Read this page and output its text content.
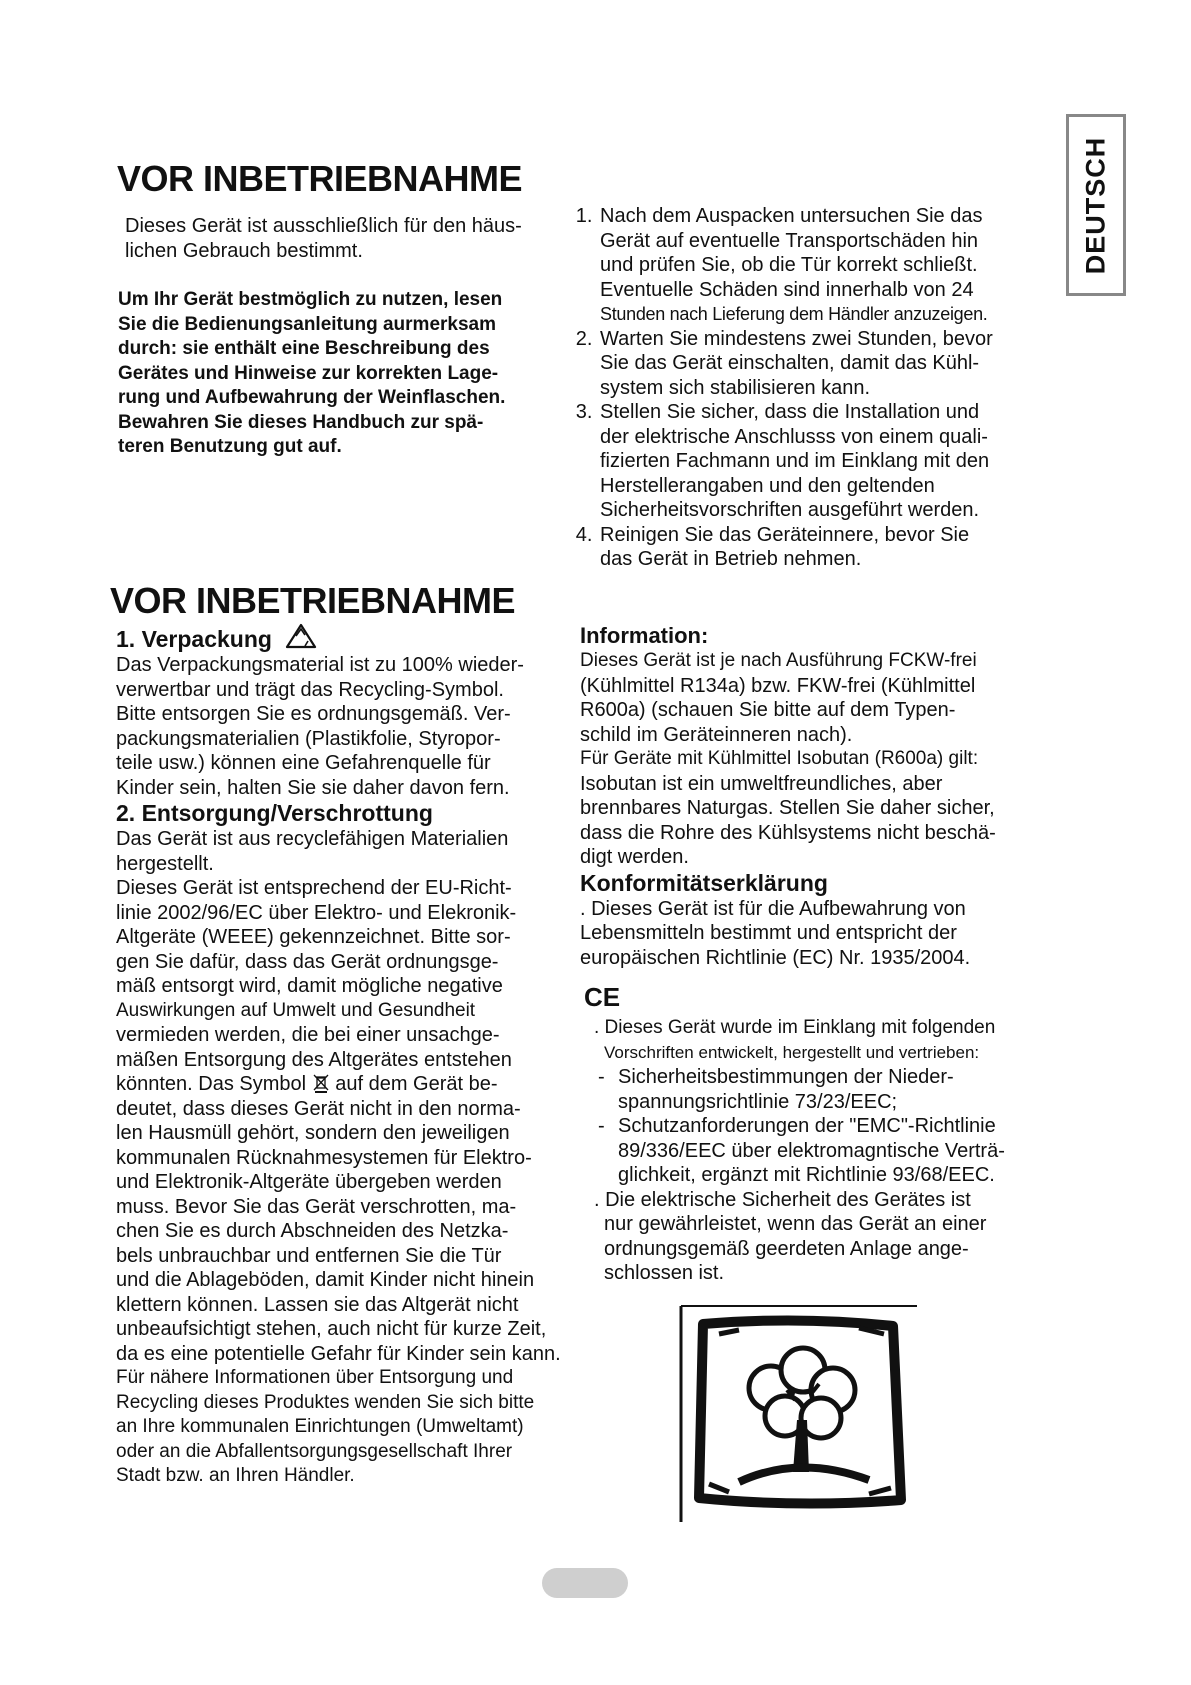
DEUTSCH
VOR INBETRIEBNAHME

Dieses Gerät ist ausschließlich für den häus-

lichen Gebrauch bestimmt.

Um Ihr Gerät bestmöglich zu nutzen, lesen

Sie die Bedienungsanleitung aurmerksam

durch: sie enthält eine Beschreibung des

Gerätes und Hinweise zur korrekten Lage-

rung und Aufbewahrung der Weinflaschen.

Bewahren Sie dieses Handbuch zur spä-

teren Benutzung gut auf.

1. Nach dem Auspacken untersuchen Sie das

Gerät auf eventuelle Transportschäden hin

und prüfen Sie, ob die Tür korrekt schließt.

Eventuelle Schäden sind innerhalb von 24

Stunden nach Lieferung dem Händler anzuzeigen.

2. Warten Sie mindestens zwei Stunden, bevor

Sie das Gerät einschalten, damit das Kühl-

system sich stabilisieren kann.

3. Stellen Sie sicher, dass die Installation und

der elektrische Anschlusss von einem quali-

fizierten Fachmann und im Einklang mit den

Herstellerangaben und den geltenden

Sicherheitsvorschriften ausgeführt werden.

4. Reinigen Sie das Geräteinnere, bevor Sie

das Gerät in Betrieb nehmen.

VOR INBETRIEBNAHME

1. Verpackung

Das Verpackungsmaterial ist zu 100% wieder-

verwertbar und trägt das Recycling-Symbol.

Bitte entsorgen Sie es ordnungsgemäß. Ver-

packungsmaterialien (Plastikfolie, Styropor-

teile usw.) können eine Gefahrenquelle für

Kinder sein, halten Sie sie daher davon fern.

2. Entsorgung/Verschrottung

Das Gerät ist aus recyclefähigen Materialien

hergestellt.

Dieses Gerät ist entsprechend der EU-Richt-

linie 2002/96/EC über Elektro- und Elekronik-

Altgeräte (WEEE) gekennzeichnet. Bitte sor-

gen Sie dafür, dass das Gerät ordnungsge-

mäß entsorgt wird, damit mögliche negative

Auswirkungen auf Umwelt und Gesundheit

vermieden werden, die bei einer unsachge-

mäßen Entsorgung des Altgerätes entstehen

könnten. Das Symbol auf dem Gerät be-

deutet, dass dieses Gerät nicht in den norma-

len Hausmüll gehört, sondern den jeweiligen

kommunalen Rücknahmesystemen für Elektro-

und Elektronik-Altgeräte übergeben werden

muss. Bevor Sie das Gerät verschrotten, ma-

chen Sie es durch Abschneiden des Netzka-

bels unbrauchbar und entfernen Sie die Tür

und die Ablageböden, damit Kinder nicht hinein

klettern können. Lassen sie das Altgerät nicht

unbeaufsichtigt stehen, auch nicht für kurze Zeit,

da es eine potentielle Gefahr für Kinder sein kann.

Für nähere Informationen über Entsorgung und

Recycling dieses Produktes wenden Sie sich bitte

an Ihre kommunalen Einrichtungen (Umweltamt)

oder an die Abfallentsorgungsgesellschaft Ihrer

Stadt bzw. an Ihren Händler.

Information:

Dieses Gerät ist je nach Ausführung FCKW-frei

(Kühlmittel R134a) bzw. FKW-frei (Kühlmittel

R600a) (schauen Sie bitte auf dem Typen-

schild im Geräteinneren nach).

Für Geräte mit Kühlmittel Isobutan (R600a) gilt:

Isobutan ist ein umweltfreundliches, aber

brennbares Naturgas. Stellen Sie daher sicher,

dass die Rohre des Kühlsystems nicht beschä-

digt werden.

Konformitätserklärung

. Dieses Gerät ist für die Aufbewahrung von

Lebensmitteln bestimmt und entspricht der

europäischen Richtlinie (EC) Nr. 1935/2004.

CE

. Dieses Gerät wurde im Einklang mit folgenden

Vorschriften entwickelt, hergestellt und vertrieben:

- Sicherheitsbestimmungen der Nieder-

spannungsrichtlinie 73/23/EEC;

- Schutzanforderungen der "EMC"-Richtlinie

89/336/EEC über elektromagntische Verträ-

glichkeit, ergänzt mit Richtlinie 93/68/EEC.

. Die elektrische Sicherheit des Gerätes ist

nur gewährleistet, wenn das Gerät an einer

ordnungsgemäß geerdeten Anlage ange-

schlossen ist.
